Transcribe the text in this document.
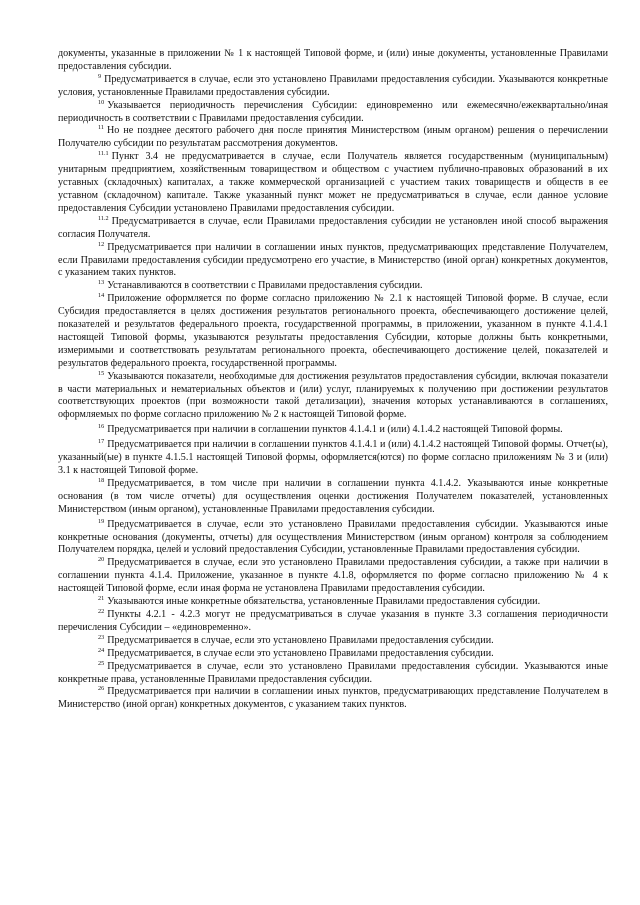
документы, указанные в приложении № 1 к настоящей Типовой форме, и (или) иные документы, установленные Правилами предоставления субсидии.

$^9$ Предусматривается в случае, если это установлено Правилами предоставления субсидии. Указываются конкретные условия, установленные Правилами предоставления субсидии.

$^{10}$ Указывается периодичность перечисления Субсидии: единовременно или ежемесячно/ежеквартально/иная периодичность в соответствии с Правилами предоставления субсидии.

$^{11}$ Но не позднее десятого рабочего дня после принятия Министерством (иным органом) решения о перечислении Получателю субсидии по результатам рассмотрения документов.

$^{11.1}$ Пункт 3.4 не предусматривается в случае, если Получатель является государственным (муниципальным) унитарным предприятием, хозяйственным товариществом и обществом с участием публично-правовых образований в их уставных (складочных) капиталах, а также коммерческой организацией с участием таких товариществ и обществ в ее уставном (складочном) капитале. Также указанный пункт может не предусматриваться в случае, если данное условие предоставления Субсидии установлено Правилами предоставления субсидии.

$^{11.2}$ Предусматривается в случае, если Правилами предоставления субсидии не установлен иной способ выражения согласия Получателя.

$^{12}$ Предусматривается при наличии в соглашении иных пунктов, предусматривающих представление Получателем, если Правилами предоставления субсидии предусмотрено его участие, в Министерство (иной орган) конкретных документов, с указанием таких пунктов.

$^{13}$ Устанавливаются в соответствии с Правилами предоставления субсидии.

$^{14}$ Приложение оформляется по форме согласно приложению № 2.1 к настоящей Типовой форме. В случае, если Субсидия предоставляется в целях достижения результатов регионального проекта, обеспечивающего достижение целей, показателей и результатов федерального проекта, государственной программы, в приложении, указанном в пункте 4.1.4.1 настоящей Типовой формы, указываются результаты предоставления Субсидии, которые должны быть конкретными, измеримыми и соответствовать результатам регионального проекта, обеспечивающего достижение целей, показателей и результатов федерального проекта, государственной программы.

$^{15}$ Указываются показатели, необходимые для достижения результатов предоставления субсидии, включая показатели в части материальных и нематериальных объектов и (или) услуг, планируемых к получению при достижении результатов соответствующих проектов (при возможности такой детализации), значения которых устанавливаются в соглашениях, оформляемых по форме согласно приложению № 2 к настоящей Типовой форме.

$^{16}$ Предусматривается при наличии в соглашении пунктов 4.1.4.1 и (или) 4.1.4.2 настоящей Типовой формы.

$^{17}$ Предусматривается при наличии в соглашении пунктов 4.1.4.1 и (или) 4.1.4.2 настоящей Типовой формы. Отчет(ы), указанный(ые) в пункте 4.1.5.1 настоящей Типовой формы, оформляется(ются) по форме согласно приложениям № 3 и (или) 3.1 к настоящей Типовой форме.

$^{18}$ Предусматривается, в том числе при наличии в соглашении пункта 4.1.4.2. Указываются иные конкретные основания (в том числе отчеты) для осуществления оценки достижения Получателем показателей, установленных Министерством (иным органом), установленные Правилами предоставления субсидии.

$^{19}$ Предусматривается в случае, если это установлено Правилами предоставления субсидии. Указываются иные конкретные основания (документы, отчеты) для осуществления Министерством (иным органом) контроля за соблюдением Получателем порядка, целей и условий предоставления Субсидии, установленные Правилами предоставления субсидии.

$^{20}$ Предусматривается в случае, если это установлено Правилами предоставления субсидии, а также при наличии в соглашении пункта 4.1.4. Приложение, указанное в пункте 4.1.8, оформляется по форме согласно приложению № 4 к настоящей Типовой форме, если иная форма не установлена Правилами предоставления субсидии.

$^{21}$ Указываются иные конкретные обязательства, установленные Правилами предоставления субсидии.

$^{22}$ Пункты 4.2.1 - 4.2.3 могут не предусматриваться в случае указания в пункте 3.3 соглашения периодичности перечисления Субсидии – «единовременно».

$^{23}$ Предусматривается в случае, если это установлено Правилами предоставления субсидии.

$^{24}$ Предусматривается, в случае если это установлено Правилами предоставления субсидии.

$^{25}$ Предусматривается в случае, если это установлено Правилами предоставления субсидии. Указываются иные конкретные права, установленные Правилами предоставления субсидии.

$^{26}$ Предусматривается при наличии в соглашении иных пунктов, предусматривающих представление Получателем в Министерство (иной орган) конкретных документов, с указанием таких пунктов.
